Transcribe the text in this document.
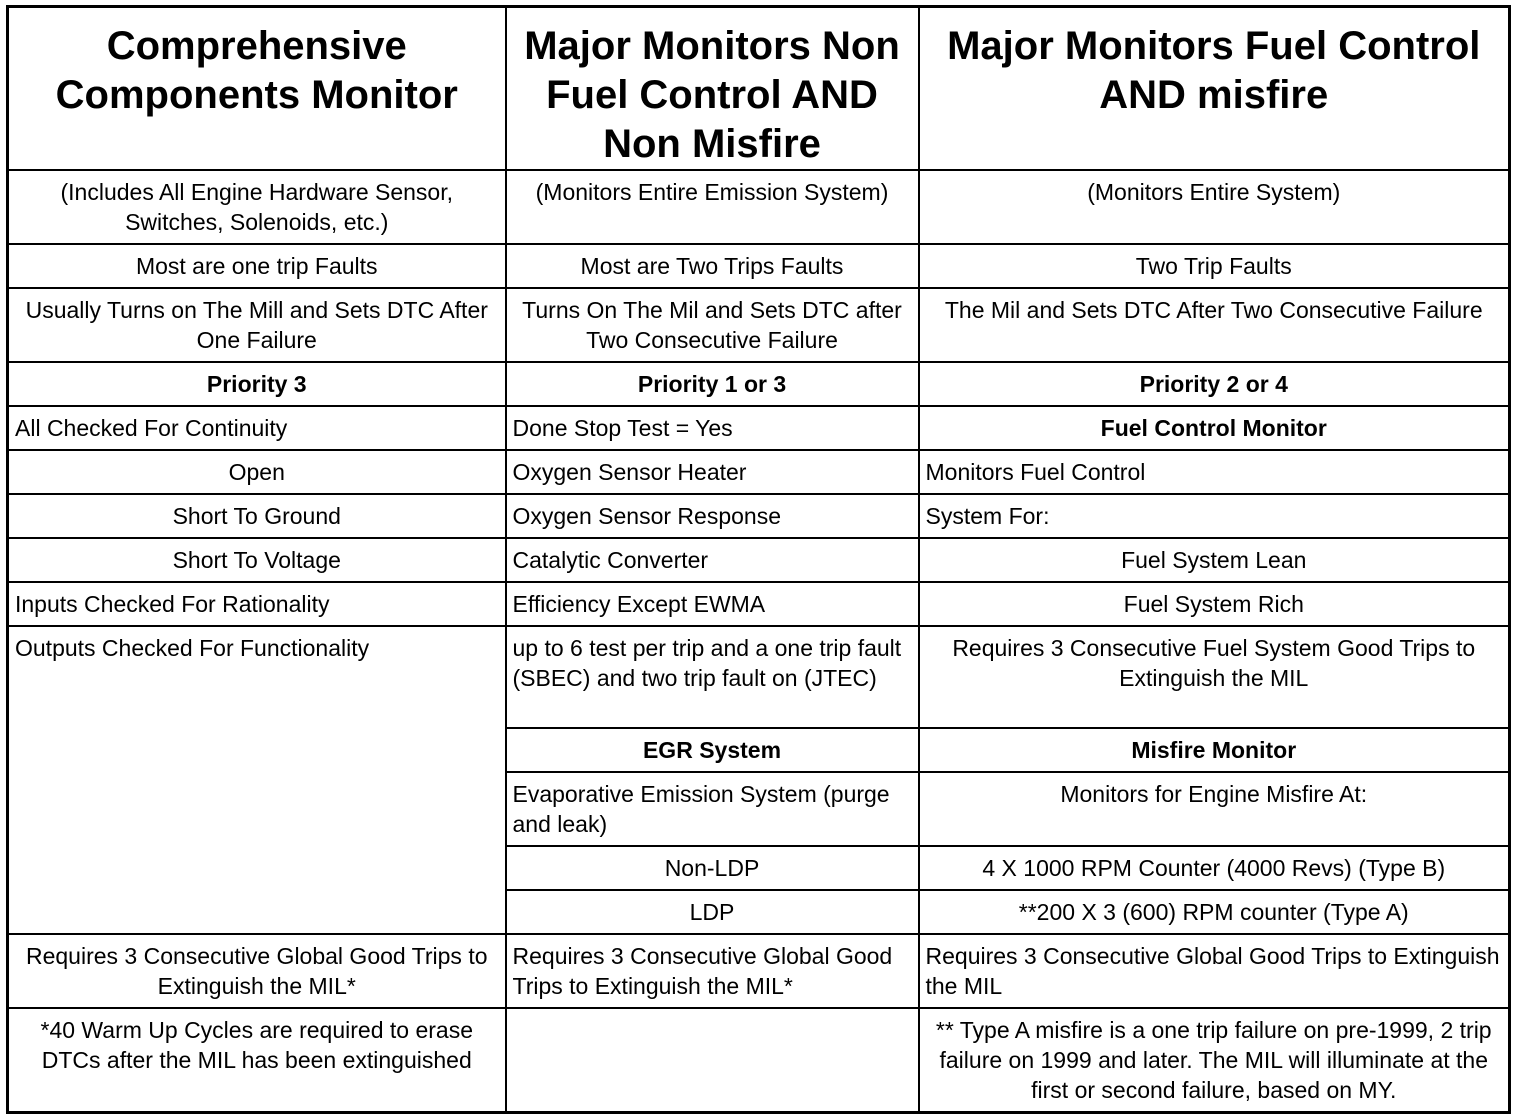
Comprehensive Components Monitor	Major Monitors Non Fuel Control AND Non Misfire	Major Monitors Fuel Control AND misfire
(Includes All Engine Hardware Sensor, Switches, Solenoids, etc.)	(Monitors Entire Emission System)	(Monitors Entire System)
Most are one trip Faults	Most are Two Trips Faults	Two Trip Faults
Usually Turns on The Mill and Sets DTC After One Failure	Turns On The Mil and Sets DTC after Two Consecutive Failure	The Mil and Sets DTC After Two Consecutive Failure
Priority 3	Priority 1 or 3	Priority 2 or 4
All Checked For Continuity	Done Stop Test = Yes	Fuel Control Monitor
Open	Oxygen Sensor Heater	Monitors Fuel Control
Short To Ground	Oxygen Sensor Response	System For:
Short To Voltage	Catalytic Converter	Fuel System Lean
Inputs Checked For Rationality	Efficiency Except EWMA	Fuel System Rich
Outputs Checked For Functionality	up to 6 test per trip and a one trip fault (SBEC) and two trip fault on (JTEC)	Requires 3 Consecutive Fuel System Good Trips to Extinguish the MIL
	EGR System	Misfire Monitor
	Evaporative Emission System (purge and leak)	Monitors for Engine Misfire At:
	Non-LDP	4 X 1000 RPM Counter (4000 Revs) (Type B)
	LDP	**200 X 3 (600) RPM counter (Type A)
Requires 3 Consecutive Global Good Trips to Extinguish the MIL*	Requires 3 Consecutive Global Good Trips to Extinguish the MIL*	Requires 3 Consecutive Global Good Trips to Extinguish the MIL
*40 Warm Up Cycles are required to erase DTCs after the MIL has been extinguished		** Type A misfire is a one trip failure on pre-1999, 2 trip failure on 1999 and later. The MIL will illuminate at the first or second failure, based on MY.
